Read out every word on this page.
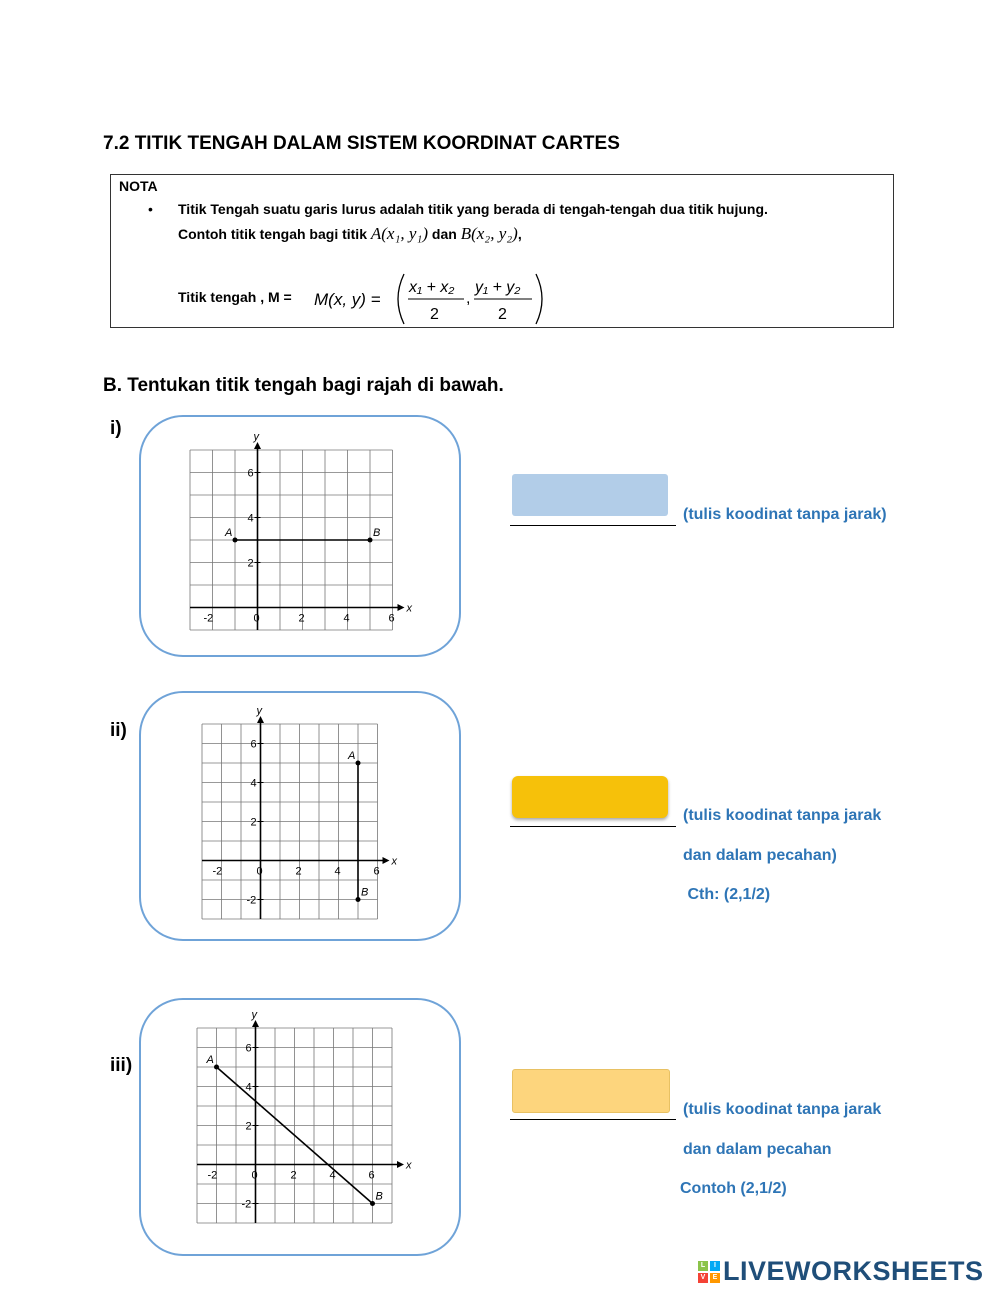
7.2 TITIK TENGAH DALAM SISTEM KOORDINAT CARTES
NOTA
• Titik Tengah suatu garis lurus adalah titik yang berada di tengah-tengah dua titik hujung.
Contoh titik tengah bagi titik A(x₁, y₁) dan B(x₂, y₂),
Titik tengah , M = M(x, y) =
x₁ + x₂
2
,
y₁ + y₂
2
B. Tentukan titik tengah bagi rajah di bawah.
i)
x
y
-2	0	2	4	6
2
4
6
A	B
(tulis koodinat tanpa jarak)
ii)
x
y
-2	0	2	4	6
-2
2
4
6
A
B
(tulis koodinat tanpa jarak
dan dalam pecahan)
Cth: (2,1/2)
iii)
x
y
-2	0	2	4	6
-2
2
4
6
A
B
(tulis koodinat tanpa jarak
dan dalam pecahan
Contoh (2,1/2)
L	I
V	E LIVEWORKSHEETS
